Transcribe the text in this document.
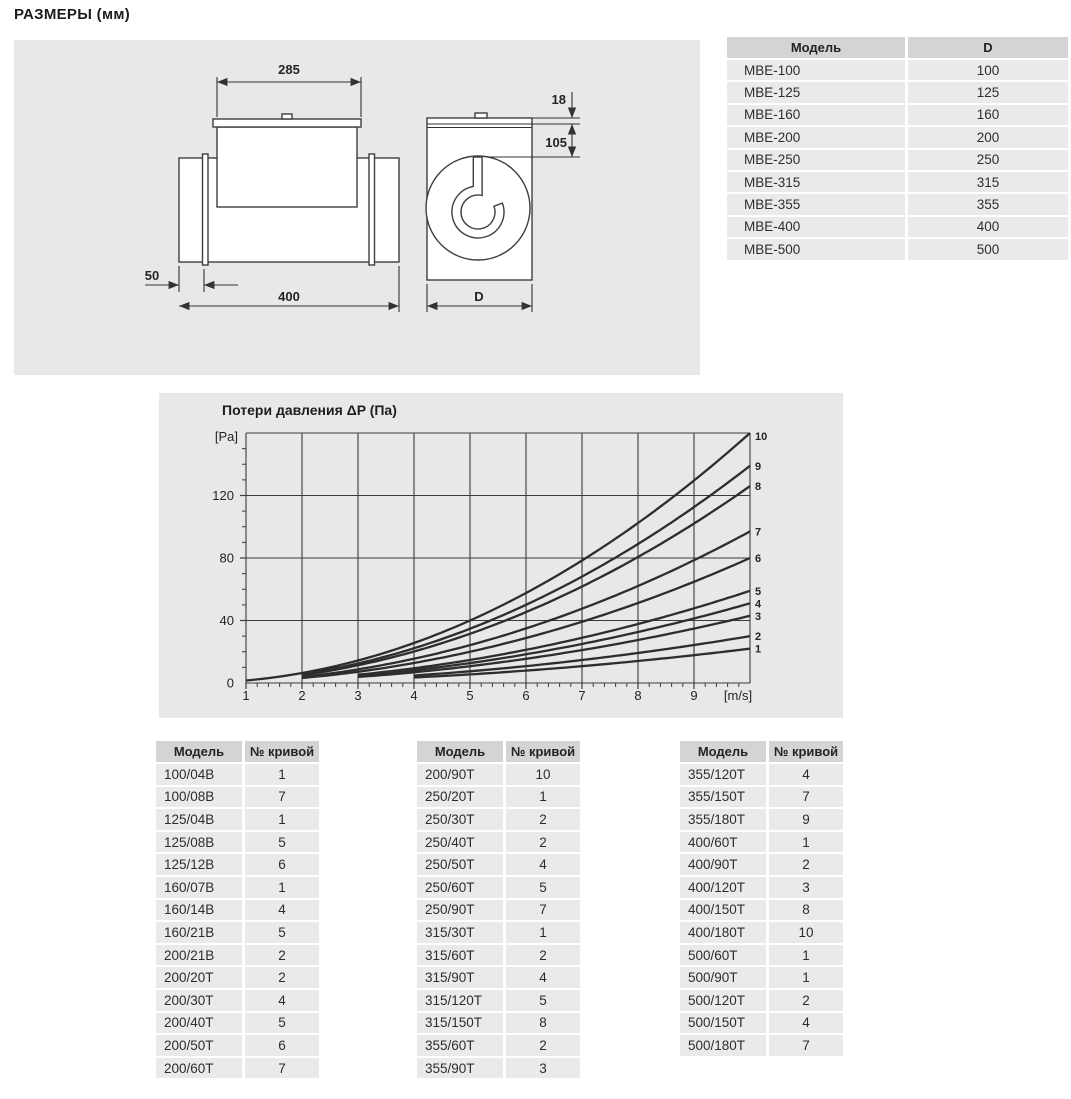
РАЗМЕРЫ (мм)
285
50
400
18
105
D
Модель	D
МВЕ-100	100
МВЕ-125	125
МВЕ-160	160
МВЕ-200	200
МВЕ-250	250
МВЕ-315	315
МВЕ-355	355
МВЕ-400	400
МВЕ-500	500
Потери давления ΔP (Па)
1	2	3	4	5	6	7	8	9 [m/s]
0
40
80
120
[Pa]
1
2
3
4
5
6
7
8
9
10
Модель	№ кривой
100/04В	1
100/08В	7
125/04В	1
125/08В	5
125/12В	6
160/07В	1
160/14В	4
160/21В	5
200/21В	2
200/20Т	2
200/30Т	4
200/40Т	5
200/50Т	6
200/60Т	7
Модель	№ кривой
200/90Т	10
250/20Т	1
250/30Т	2
250/40Т	2
250/50Т	4
250/60Т	5
250/90Т	7
315/30Т	1
315/60Т	2
315/90Т	4
315/120Т	5
315/150Т	8
355/60Т	2
355/90Т	3
Модель	№ кривой
355/120Т	4
355/150Т	7
355/180Т	9
400/60Т	1
400/90Т	2
400/120Т	3
400/150Т	8
400/180Т	10
500/60Т	1
500/90Т	1
500/120Т	2
500/150Т	4
500/180Т	7
